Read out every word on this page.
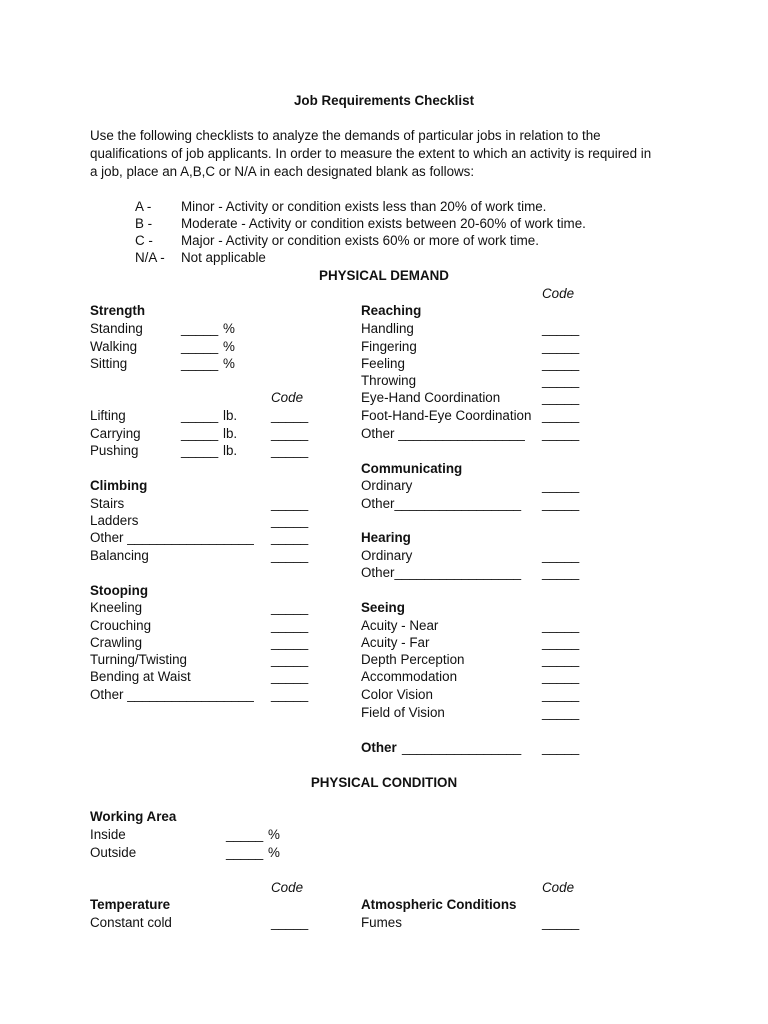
Job Requirements Checklist
Use the following checklists to analyze the demands of particular jobs in relation to the
qualifications of job applicants. In order to measure the extent to which an activity is required in
a job, place an A,B,C or N/A in each designated blank as follows:
A - Minor - Activity or condition exists less than 20% of work time.
B - Moderate - Activity or condition exists between 20-60% of work time.
C - Major - Activity or condition exists 60% or more of work time.
N/A - Not applicable
PHYSICAL DEMAND
Code
Strength
Standing	_____ %
Walking	_____ %
Sitting	_____ %
Code
Lifting	_____ lb.	_____
Carrying	_____ lb.	_____
Pushing	_____ lb.	_____
Climbing
Stairs	_____
Ladders	_____
Other _________________ _____
Balancing	_____
Stooping
Kneeling	_____
Crouching	_____
Crawling	_____
Turning/Twisting	_____
Bending at Waist	_____
Other _________________ _____
Reaching
Handling	_____
Fingering	_____
Feeling	_____
Throwing	_____
Eye-Hand Coordination	_____
Foot-Hand-Eye Coordination _____
Other _________________ _____
Communicating
Ordinary	_____
Other_________________ _____
Hearing
Ordinary	_____
Other_________________ _____
Seeing
Acuity - Near	_____
Acuity - Far	_____
Depth Perception	_____
Accommodation	_____
Color Vision	_____
Field of Vision	_____
Other ________________ _____
PHYSICAL CONDITION
Working Area
Inside	_____ %
Outside	_____ %
Code	Code
Temperature
Constant cold	_____
Atmospheric Conditions
Fumes	_____
